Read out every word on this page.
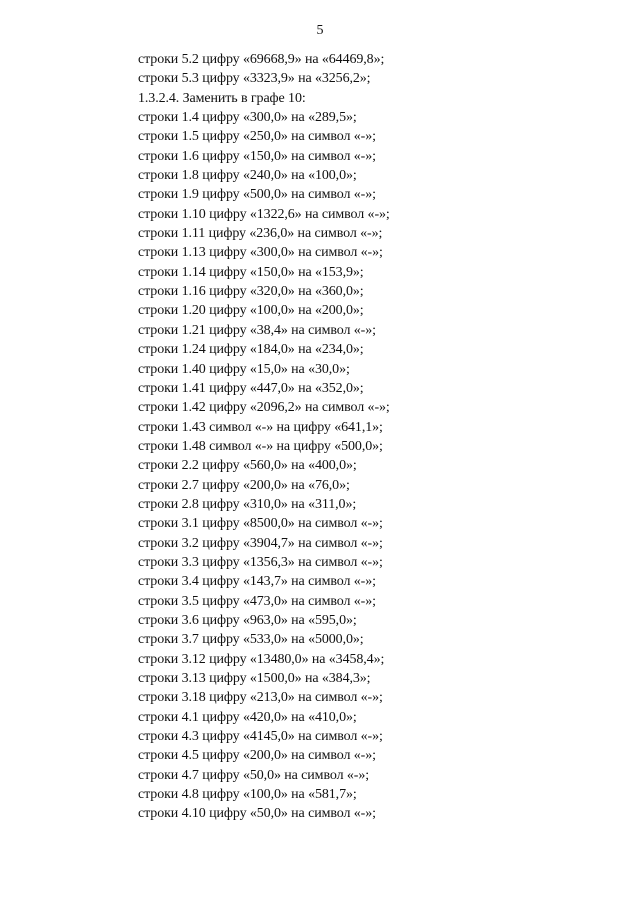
5
строки 5.2 цифру «69668,9» на «64469,8»;
строки 5.3 цифру «3323,9» на «3256,2»;
1.3.2.4. Заменить в графе 10:
строки 1.4 цифру «300,0» на «289,5»;
строки 1.5 цифру «250,0» на символ «-»;
строки 1.6 цифру «150,0» на символ «-»;
строки 1.8 цифру «240,0» на «100,0»;
строки 1.9 цифру «500,0» на символ «-»;
строки 1.10 цифру «1322,6» на символ «-»;
строки 1.11 цифру «236,0» на символ «-»;
строки 1.13 цифру «300,0» на символ «-»;
строки 1.14 цифру «150,0» на «153,9»;
строки 1.16 цифру «320,0» на «360,0»;
строки 1.20 цифру «100,0» на «200,0»;
строки 1.21 цифру «38,4» на символ «-»;
строки 1.24 цифру «184,0» на «234,0»;
строки 1.40 цифру «15,0» на «30,0»;
строки 1.41 цифру «447,0» на «352,0»;
строки 1.42 цифру «2096,2» на символ «-»;
строки 1.43 символ «-» на цифру «641,1»;
строки 1.48 символ «-» на цифру «500,0»;
строки 2.2 цифру «560,0» на «400,0»;
строки 2.7 цифру «200,0» на «76,0»;
строки 2.8 цифру «310,0» на «311,0»;
строки 3.1 цифру «8500,0» на символ «-»;
строки 3.2 цифру «3904,7» на символ «-»;
строки 3.3 цифру «1356,3» на символ «-»;
строки 3.4 цифру «143,7» на символ «-»;
строки 3.5 цифру «473,0» на символ «-»;
строки 3.6 цифру «963,0» на «595,0»;
строки 3.7 цифру «533,0» на «5000,0»;
строки 3.12 цифру «13480,0» на «3458,4»;
строки 3.13 цифру «1500,0» на «384,3»;
строки 3.18 цифру «213,0» на символ «-»;
строки 4.1 цифру «420,0» на «410,0»;
строки 4.3 цифру «4145,0» на символ «-»;
строки 4.5 цифру «200,0» на символ «-»;
строки 4.7 цифру «50,0» на символ «-»;
строки 4.8 цифру «100,0» на «581,7»;
строки 4.10 цифру «50,0» на символ «-»;
